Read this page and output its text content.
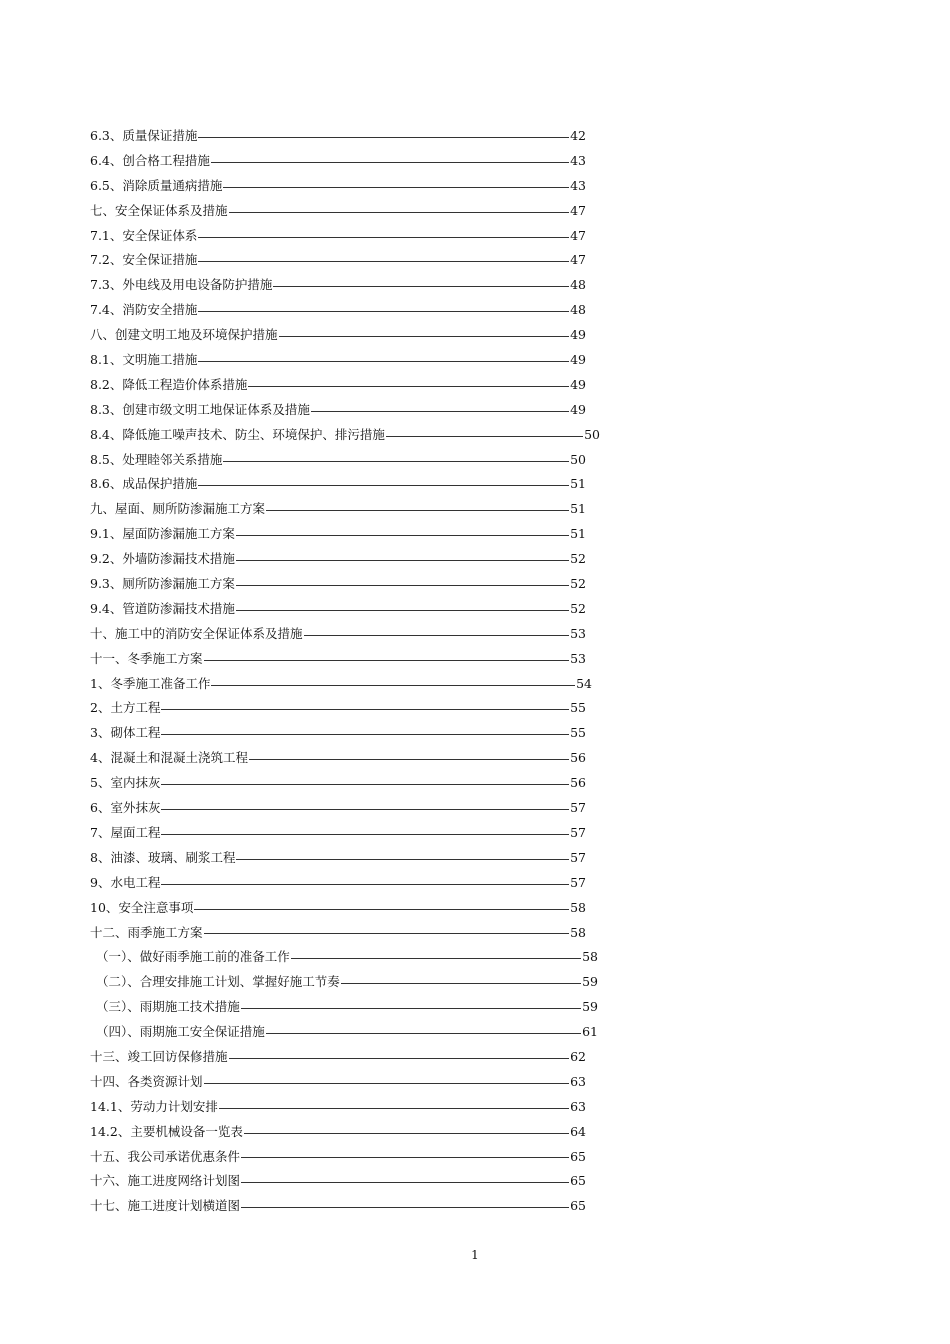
6.3、质量保证措施	42
6.4、创合格工程措施	43
6.5、消除质量通病措施	43
七、安全保证体系及措施	47
7.1、安全保证体系	47
7.2、安全保证措施	47
7.3、外电线及用电设备防护措施	48
7.4、消防安全措施	48
八、创建文明工地及环境保护措施	49
8.1、文明施工措施	49
8.2、降低工程造价体系措施	49
8.3、创建市级文明工地保证体系及措施	49
8.4、降低施工噪声技术、防尘、环境保护、排污措施	50
8.5、处理睦邻关系措施	50
8.6、成品保护措施	51
九、屋面、厕所防渗漏施工方案	51
9.1、屋面防渗漏施工方案	51
9.2、外墙防渗漏技术措施	52
9.3、厕所防渗漏施工方案	52
9.4、管道防渗漏技术措施	52
十、施工中的消防安全保证体系及措施	53
十一、冬季施工方案	53
1、冬季施工准备工作	54
2、土方工程	55
3、砌体工程	55
4、混凝土和混凝土浇筑工程	56
5、室内抹灰	56
6、室外抹灰	57
7、屋面工程	57
8、油漆、玻璃、刷浆工程	57
9、水电工程	57
10、安全注意事项	58
十二、雨季施工方案	58
（一）、做好雨季施工前的准备工作	58
（二）、合理安排施工计划、掌握好施工节奏	59
（三）、雨期施工技术措施	59
（四）、雨期施工安全保证措施	61
十三、竣工回访保修措施	62
十四、各类资源计划	63
14.1、劳动力计划安排	63
14.2、主要机械设备一览表	64
十五、我公司承诺优惠条件	65
十六、施工进度网络计划图	65
十七、施工进度计划横道图	65
1
